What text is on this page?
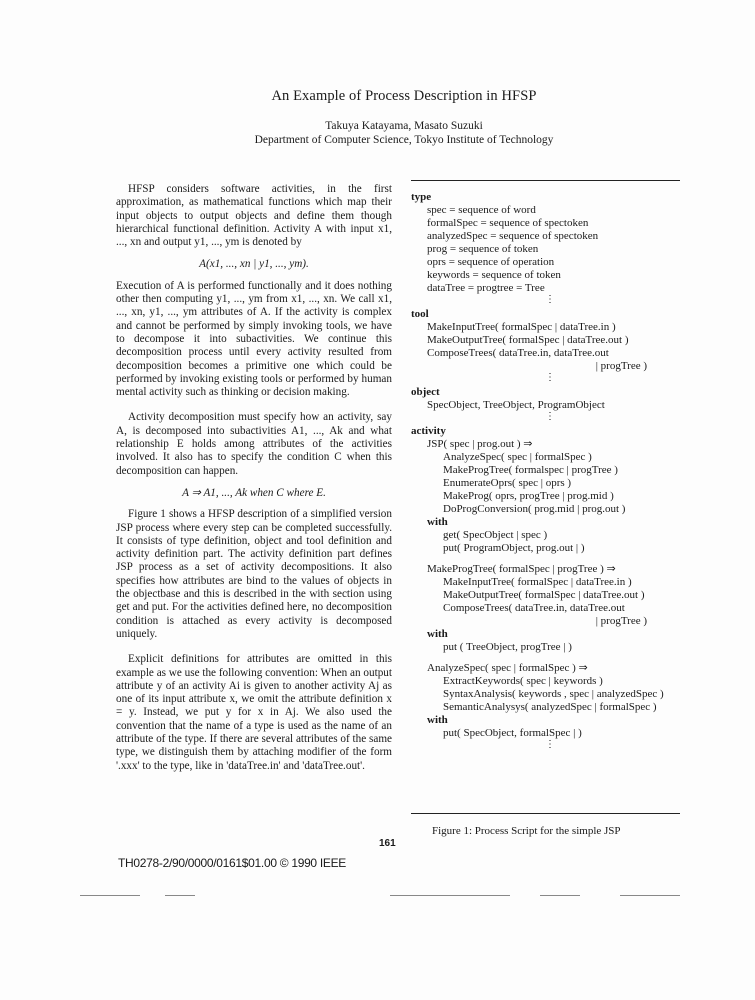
An Example of Process Description in HFSP
Takuya Katayama, Masato Suzuki
Department of Computer Science, Tokyo Institute of Technology

HFSP considers software activities, in the first approximation, as mathematical functions which map their input objects to output objects and define them though hierarchical functional definition. Activity A with input x1, ..., xn and output y1, ..., ym is denoted by

A(x1, ..., xn | y1, ..., ym).

Execution of A is performed functionally and it does nothing other then computing y1, ..., ym from x1, ..., xn. We call x1, ..., xn, y1, ..., ym attributes of A. If the activity is complex and cannot be performed by simply invoking tools, we have to decompose it into subactivities. We continue this decomposition process until every activity resulted from decomposition becomes a primitive one which could be performed by invoking existing tools or performed by human mental activity such as thinking or decision making.

Activity decomposition must specify how an activity, say A, is decomposed into subactivities A1, ..., Ak and what relationship E holds among attributes of the activities involved. It also has to specify the condition C when this decomposition can happen.

A ⇒ A1, ..., Ak when C where E.

Figure 1 shows a HFSP description of a simplified version JSP process where every step can be completed successfully. It consists of type definition, object and tool definition and activity definition part. The activity definition part defines JSP process as a set of activity decompositions. It also specifies how attributes are bind to the values of objects in the objectbase and this is described in the with section using get and put. For the activities defined here, no decomposition condition is attached as every activity is decomposed uniquely.

Explicit definitions for attributes are omitted in this example as we use the following convention: When an output attribute y of an activity Ai is given to another activity Aj as one of its input attribute x, we omit the attribute definition x = y. Instead, we put y for x in Aj. We also used the convention that the name of a type is used as the name of an attribute of the type. If there are several attributes of the same type, we distinguish them by attaching modifier of the form '.xxx' to the type, like in 'dataTree.in' and 'dataTree.out'.

161
TH0278-2/90/0000/0161$01.00 © 1990 IEEE
type
spec = sequence of word
formalSpec = sequence of spectoken
analyzedSpec = sequence of spectoken
prog = sequence of token
oprs = sequence of operation
keywords = sequence of token
dataTree = progtree = Tree
⋮
tool
MakeInputTree( formalSpec | dataTree.in )
MakeOutputTree( formalSpec | dataTree.out )
ComposeTrees( dataTree.in, dataTree.out
| progTree )
⋮
object
SpecObject, TreeObject, ProgramObject
⋮
activity
JSP( spec | prog.out ) ⇒
AnalyzeSpec( spec | formalSpec )
MakeProgTree( formalspec | progTree )
EnumerateOprs( spec | oprs )
MakeProg( oprs, progTree | prog.mid )
DoProgConversion( prog.mid | prog.out )
with
get( SpecObject | spec )
put( ProgramObject, prog.out | )
MakeProgTree( formalSpec | progTree ) ⇒
MakeInputTree( formalSpec | dataTree.in )
MakeOutputTree( formalSpec | dataTree.out )
ComposeTrees( dataTree.in, dataTree.out
| progTree )
with
put ( TreeObject, progTree | )
AnalyzeSpec( spec | formalSpec ) ⇒
ExtractKeywords( spec | keywords )
SyntaxAnalysis( keywords , spec | analyzedSpec )
SemanticAnalysys( analyzedSpec | formalSpec )
with
put( SpecObject, formalSpec | )
⋮
Figure 1: Process Script for the simple JSP
